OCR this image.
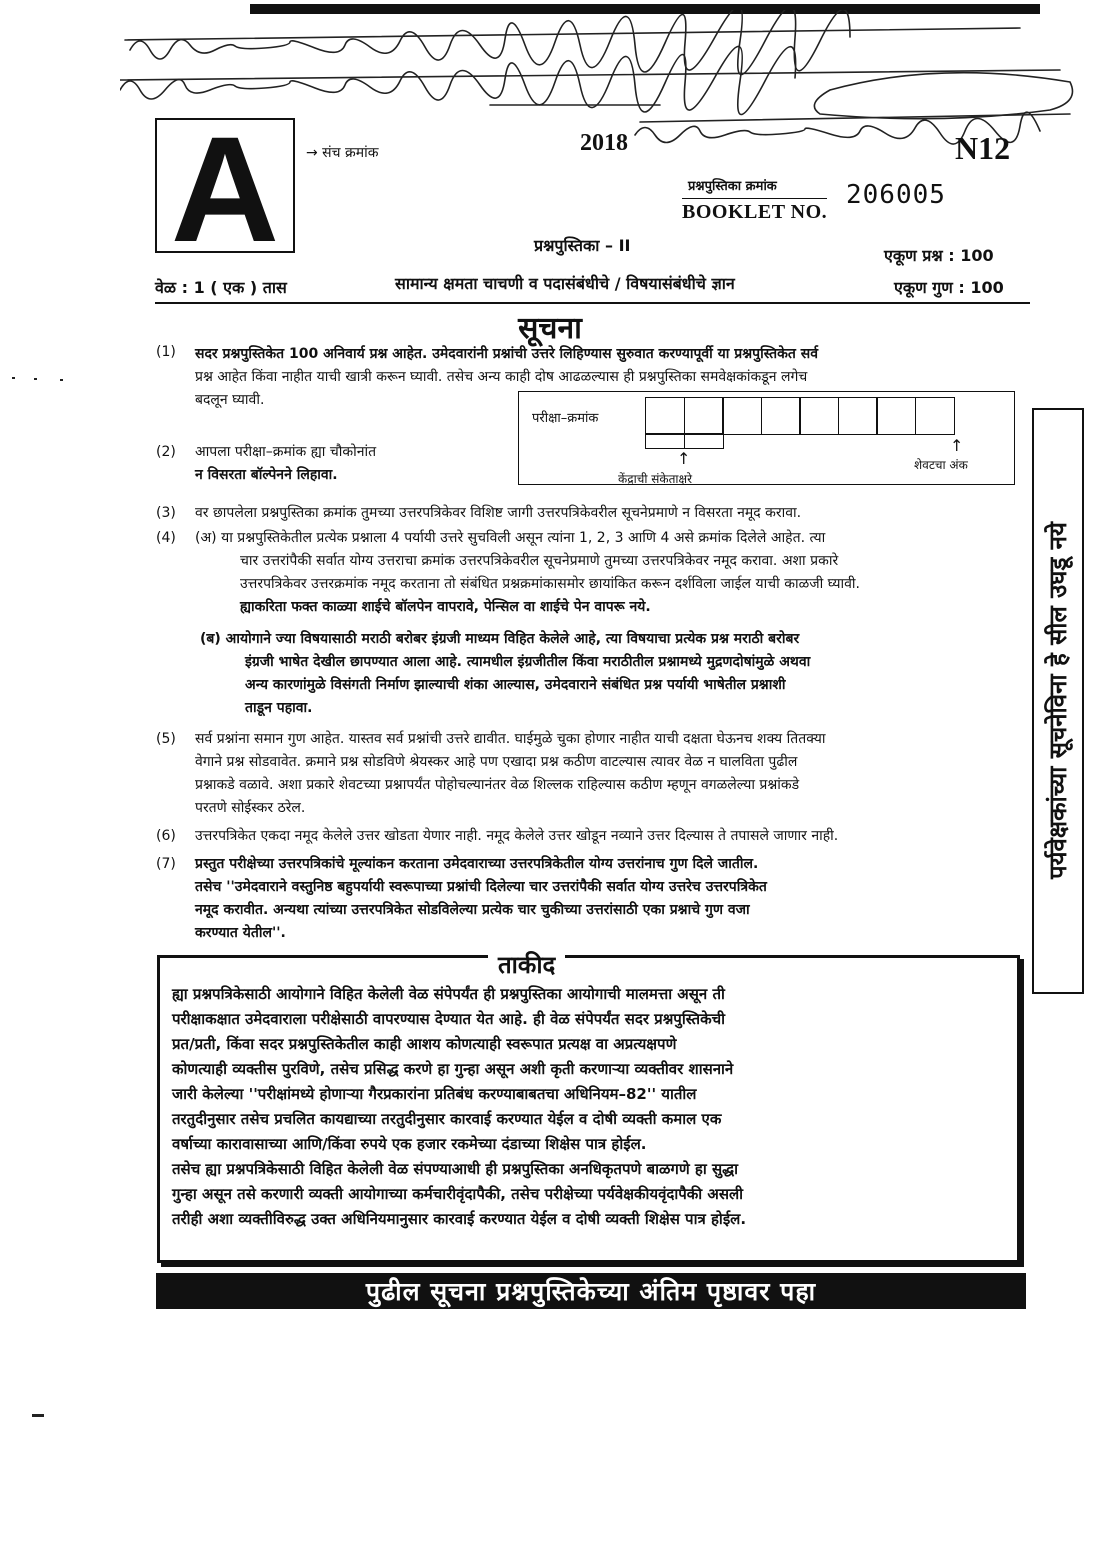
A → संच क्रमांक	2018	N12
प्रश्नपुस्तिका क्रमांक
BOOKLET NO.
206005
प्रश्नपुस्तिका – II
एकूण प्रश्न : 100
एकूण गुण : 100
वेळ : 1 ( एक ) तास	सामान्य क्षमता चाचणी व पदासंबंधीचे / विषयासंबंधीचे ज्ञान
सूचना
(1) सदर प्रश्नपुस्तिकेत 100 अनिवार्य प्रश्न आहेत. उमेदवारांनी प्रश्नांची उत्तरे लिहिण्यास सुरुवात करण्यापूर्वी या प्रश्नपुस्तिकेत सर्व
प्रश्न आहेत किंवा नाहीत याची खात्री करून घ्यावी. तसेच अन्य काही दोष आढळल्यास ही प्रश्नपुस्तिका समवेक्षकांकडून लगेच
बदलून घ्यावी.
(2) आपला परीक्षा–क्रमांक ह्या चौकोनांत
न विसरता बॉल्पेनने लिहावा.
परीक्षा–क्रमांक
↑
↑
केंद्राची संकेताक्षरे
शेवटचा अंक
(3) वर छापलेला प्रश्नपुस्तिका क्रमांक तुमच्या उत्तरपत्रिकेवर विशिष्ट जागी उत्तरपत्रिकेवरील सूचनेप्रमाणे न विसरता नमूद करावा.
(4) (अ) या प्रश्नपुस्तिकेतील प्रत्येक प्रश्नाला 4 पर्यायी उत्तरे सुचविली असून त्यांना 1, 2, 3 आणि 4 असे क्रमांक दिलेले आहेत. त्या
चार उत्तरांपैकी सर्वात योग्य उत्तराचा क्रमांक उत्तरपत्रिकेवरील सूचनेप्रमाणे तुमच्या उत्तरपत्रिकेवर नमूद करावा. अशा प्रकारे
उत्तरपत्रिकेवर उत्तरक्रमांक नमूद करताना तो संबंधित प्रश्नक्रमांकासमोर छायांकित करून दर्शविला जाईल याची काळजी घ्यावी.
ह्याकरिता फक्त काळ्या शाईचे बॉलपेन वापरावे, पेन्सिल वा शाईचे पेन वापरू नये.
(ब) आयोगाने ज्या विषयासाठी मराठी बरोबर इंग्रजी माध्यम विहित केलेले आहे, त्या विषयाचा प्रत्येक प्रश्न मराठी बरोबर
इंग्रजी भाषेत देखील छापण्यात आला आहे. त्यामधील इंग्रजीतील किंवा मराठीतील प्रश्नामध्ये मुद्रणदोषांमुळे अथवा
अन्य कारणांमुळे विसंगती निर्माण झाल्याची शंका आल्यास, उमेदवाराने संबंधित प्रश्न पर्यायी भाषेतील प्रश्नाशी
ताडून पहावा.
(5) सर्व प्रश्नांना समान गुण आहेत. यास्तव सर्व प्रश्नांची उत्तरे द्यावीत. घाईमुळे चुका होणार नाहीत याची दक्षता घेऊनच शक्य तितक्या
वेगाने प्रश्न सोडवावेत. क्रमाने प्रश्न सोडविणे श्रेयस्कर आहे पण एखादा प्रश्न कठीण वाटल्यास त्यावर वेळ न घालविता पुढील
प्रश्नाकडे वळावे. अशा प्रकारे शेवटच्या प्रश्नापर्यंत पोहोचल्यानंतर वेळ शिल्लक राहिल्यास कठीण म्हणून वगळलेल्या प्रश्नांकडे
परतणे सोईस्कर ठरेल.
(6) उत्तरपत्रिकेत एकदा नमूद केलेले उत्तर खोडता येणार नाही. नमूद केलेले उत्तर खोडून नव्याने उत्तर दिल्यास ते तपासले जाणार नाही.
(7) प्रस्तुत परीक्षेच्या उत्तरपत्रिकांचे मूल्यांकन करताना उमेदवाराच्या उत्तरपत्रिकेतील योग्य उत्तरांनाच गुण दिले जातील.
तसेच ''उमेदवाराने वस्तुनिष्ठ बहुपर्यायी स्वरूपाच्या प्रश्नांची दिलेल्या चार उत्तरांपैकी सर्वात योग्य उत्तरेच उत्तरपत्रिकेत
नमूद करावीत. अन्यथा त्यांच्या उत्तरपत्रिकेत सोडविलेल्या प्रत्येक चार चुकीच्या उत्तरांसाठी एका प्रश्नाचे गुण वजा
करण्यात येतील''.
पर्यवेक्षकांच्या सूचनेविना हे सील उघडू नये
ताकीद
ह्या प्रश्नपत्रिकेसाठी आयोगाने विहित केलेली वेळ संपेपर्यंत ही प्रश्नपुस्तिका आयोगाची मालमत्ता असून ती
परीक्षाकक्षात उमेदवाराला परीक्षेसाठी वापरण्यास देण्यात येत आहे. ही वेळ संपेपर्यंत सदर प्रश्नपुस्तिकेची
प्रत/प्रती, किंवा सदर प्रश्नपुस्तिकेतील काही आशय कोणत्याही स्वरूपात प्रत्यक्ष वा अप्रत्यक्षपणे
कोणत्याही व्यक्तीस पुरविणे, तसेच प्रसिद्ध करणे हा गुन्हा असून अशी कृती करणाऱ्या व्यक्तीवर शासनाने
जारी केलेल्या ''परीक्षांमध्ये होणाऱ्या गैरप्रकारांना प्रतिबंध करण्याबाबतचा अधिनियम–82'' यातील
तरतुदीनुसार तसेच प्रचलित कायद्याच्या तरतुदीनुसार कारवाई करण्यात येईल व दोषी व्यक्ती कमाल एक
वर्षाच्या कारावासाच्या आणि/किंवा रुपये एक हजार रकमेच्या दंडाच्या शिक्षेस पात्र होईल.
तसेच ह्या प्रश्नपत्रिकेसाठी विहित केलेली वेळ संपण्याआधी ही प्रश्नपुस्तिका अनधिकृतपणे बाळगणे हा सुद्धा
गुन्हा असून तसे करणारी व्यक्ती आयोगाच्या कर्मचारीवृंदापैकी, तसेच परीक्षेच्या पर्यवेक्षकीयवृंदापैकी असली
तरीही अशा व्यक्तीविरुद्ध उक्त अधिनियमानुसार कारवाई करण्यात येईल व दोषी व्यक्ती शिक्षेस पात्र होईल.
पुढील सूचना प्रश्नपुस्तिकेच्या अंतिम पृष्ठावर पहा
